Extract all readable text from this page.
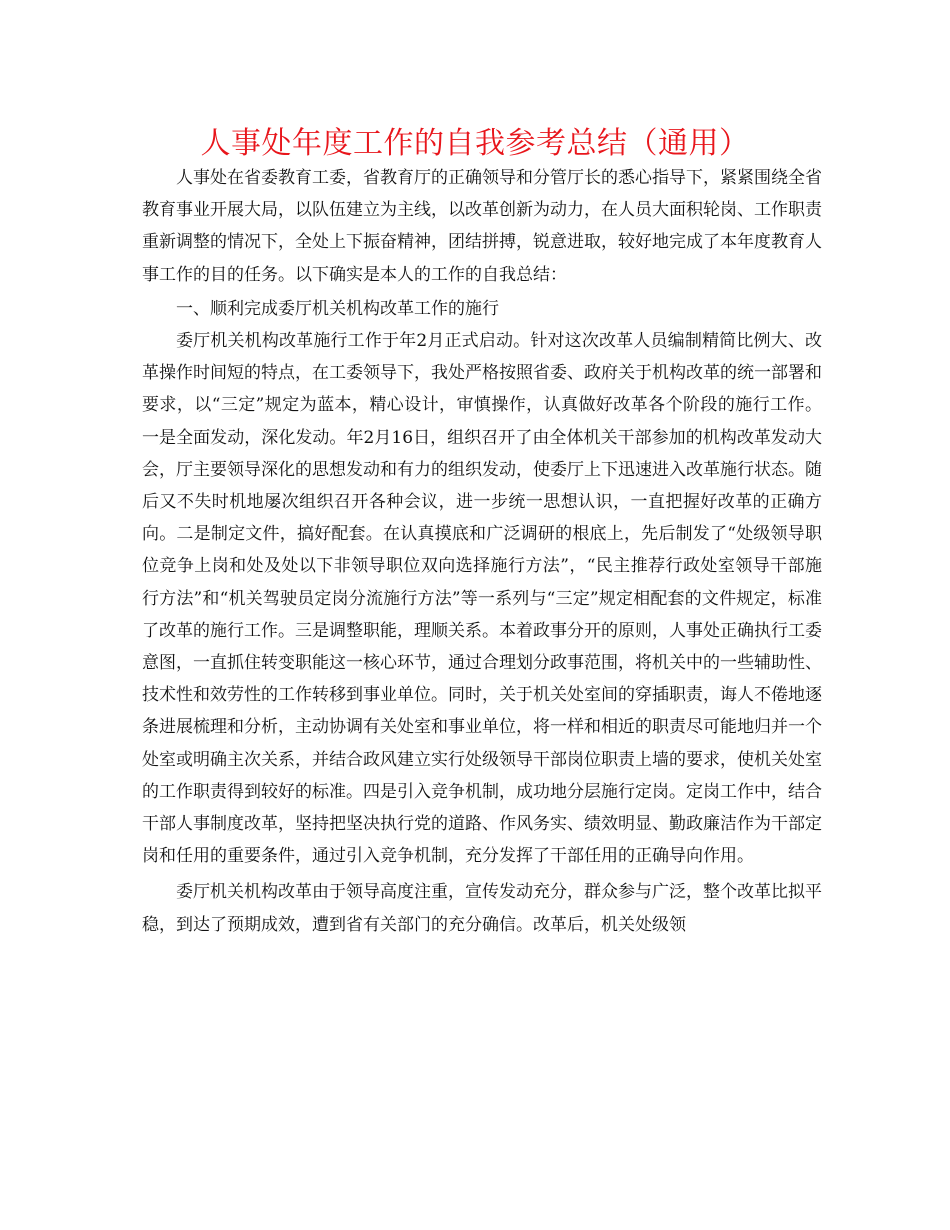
人事处年度工作的自我参考总结（通用）

人事处在省委教育工委，省教育厅的正确领导和分管厅长的悉心指导下，紧紧围绕全省教育事业开展大局，以队伍建立为主线，以改革创新为动力，在人员大面积轮岗、工作职责重新调整的情况下，全处上下振奋精神，团结拼搏，锐意进取，较好地完成了本年度教育人事工作的目的任务。以下确实是本人的工作的自我总结：

一、顺利完成委厅机关机构改革工作的施行

委厅机关机构改革施行工作于年2月正式启动。针对这次改革人员编制精简比例大、改革操作时间短的特点，在工委领导下，我处严格按照省委、政府关于机构改革的统一部署和要求，以“三定”规定为蓝本，精心设计，审慎操作，认真做好改革各个阶段的施行工作。一是全面发动，深化发动。年2月16日，组织召开了由全体机关干部参加的机构改革发动大会，厅主要领导深化的思想发动和有力的组织发动，使委厅上下迅速进入改革施行状态。随后又不失时机地屡次组织召开各种会议，进一步统一思想认识，一直把握好改革的正确方向。二是制定文件，搞好配套。在认真摸底和广泛调研的根底上，先后制发了“处级领导职位竞争上岗和处及处以下非领导职位双向选择施行方法”，“民主推荐行政处室领导干部施行方法”和“机关驾驶员定岗分流施行方法”等一系列与“三定”规定相配套的文件规定，标准了改革的施行工作。三是调整职能，理顺关系。本着政事分开的原则，人事处正确执行工委意图，一直抓住转变职能这一核心环节，通过合理划分政事范围，将机关中的一些辅助性、技术性和效劳性的工作转移到事业单位。同时，关于机关处室间的穿插职责，诲人不倦地逐条进展梳理和分析，主动协调有关处室和事业单位，将一样和相近的职责尽可能地归并一个处室或明确主次关系，并结合政风建立实行处级领导干部岗位职责上墙的要求，使机关处室的工作职责得到较好的标准。四是引入竞争机制，成功地分层施行定岗。定岗工作中，结合干部人事制度改革，坚持把坚决执行党的道路、作风务实、绩效明显、勤政廉洁作为干部定岗和任用的重要条件，通过引入竞争机制，充分发挥了干部任用的正确导向作用。

委厅机关机构改革由于领导高度注重，宣传发动充分，群众参与广泛，整个改革比拟平稳，到达了预期成效，遭到省有关部门的充分确信。改革后，机关处级领
